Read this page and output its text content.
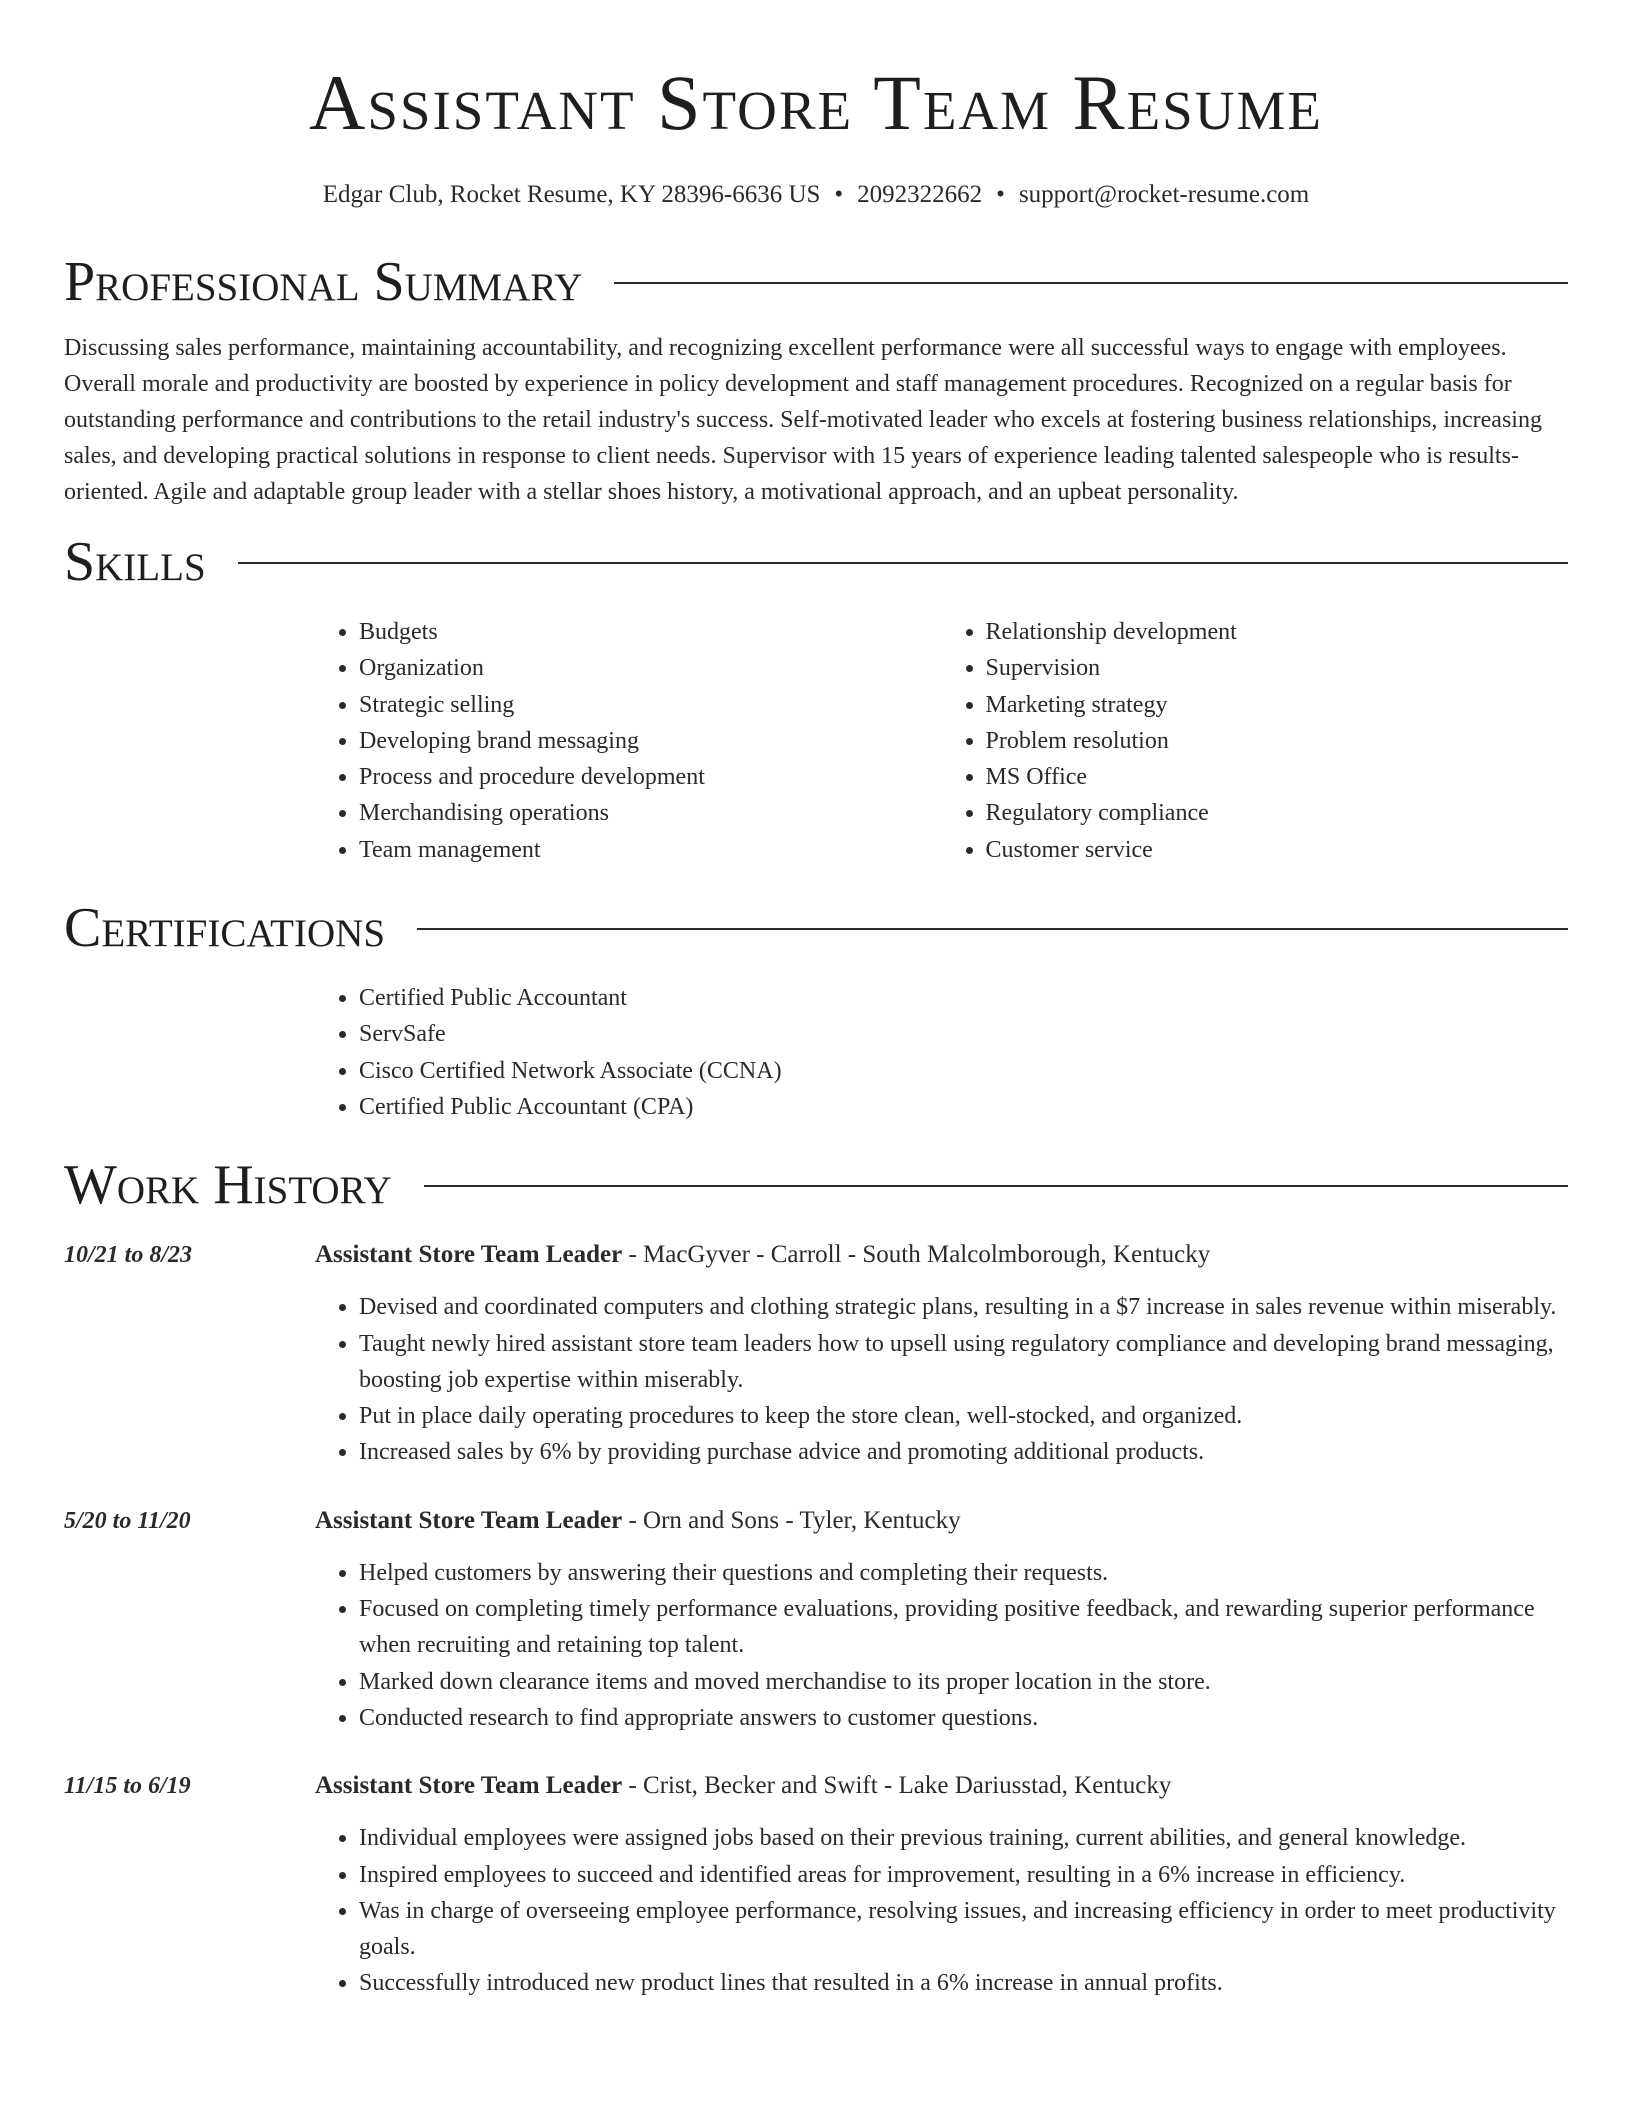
Assistant Store Team Resume
Edgar Club, Rocket Resume, KY 28396-6636 US • 2092322662 • support@rocket-resume.com
Professional Summary

Discussing sales performance, maintaining accountability, and recognizing excellent performance were all successful ways to engage with employees. Overall morale and productivity are boosted by experience in policy development and staff management procedures. Recognized on a regular basis for outstanding performance and contributions to the retail industry's success. Self-motivated leader who excels at fostering business relationships, increasing sales, and developing practical solutions in response to client needs. Supervisor with 15 years of experience leading talented salespeople who is results-oriented. Agile and adaptable group leader with a stellar shoes history, a motivational approach, and an upbeat personality.

Skills
• Budgets
• Organization
• Strategic selling
• Developing brand messaging
• Process and procedure development
• Merchandising operations
• Team management
• Relationship development
• Supervision
• Marketing strategy
• Problem resolution
• MS Office
• Regulatory compliance
• Customer service
Certifications
• Certified Public Accountant
• ServSafe
• Cisco Certified Network Associate (CCNA)
• Certified Public Accountant (CPA)
Work History
10/21 to 8/23	Assistant Store Team Leader - MacGyver - Carroll - South Malcolmborough, Kentucky
• Devised and coordinated computers and clothing strategic plans, resulting in a $7 increase in sales revenue within miserably.
• Taught newly hired assistant store team leaders how to upsell using regulatory compliance and developing brand messaging, boosting job expertise within miserably.
• Put in place daily operating procedures to keep the store clean, well-stocked, and organized.
• Increased sales by 6% by providing purchase advice and promoting additional products.
5/20 to 11/20	Assistant Store Team Leader - Orn and Sons - Tyler, Kentucky
• Helped customers by answering their questions and completing their requests.
• Focused on completing timely performance evaluations, providing positive feedback, and rewarding superior performance when recruiting and retaining top talent.
• Marked down clearance items and moved merchandise to its proper location in the store.
• Conducted research to find appropriate answers to customer questions.
11/15 to 6/19	Assistant Store Team Leader - Crist, Becker and Swift - Lake Dariusstad, Kentucky
• Individual employees were assigned jobs based on their previous training, current abilities, and general knowledge.
• Inspired employees to succeed and identified areas for improvement, resulting in a 6% increase in efficiency.
• Was in charge of overseeing employee performance, resolving issues, and increasing efficiency in order to meet productivity goals.
• Successfully introduced new product lines that resulted in a 6% increase in annual profits.
